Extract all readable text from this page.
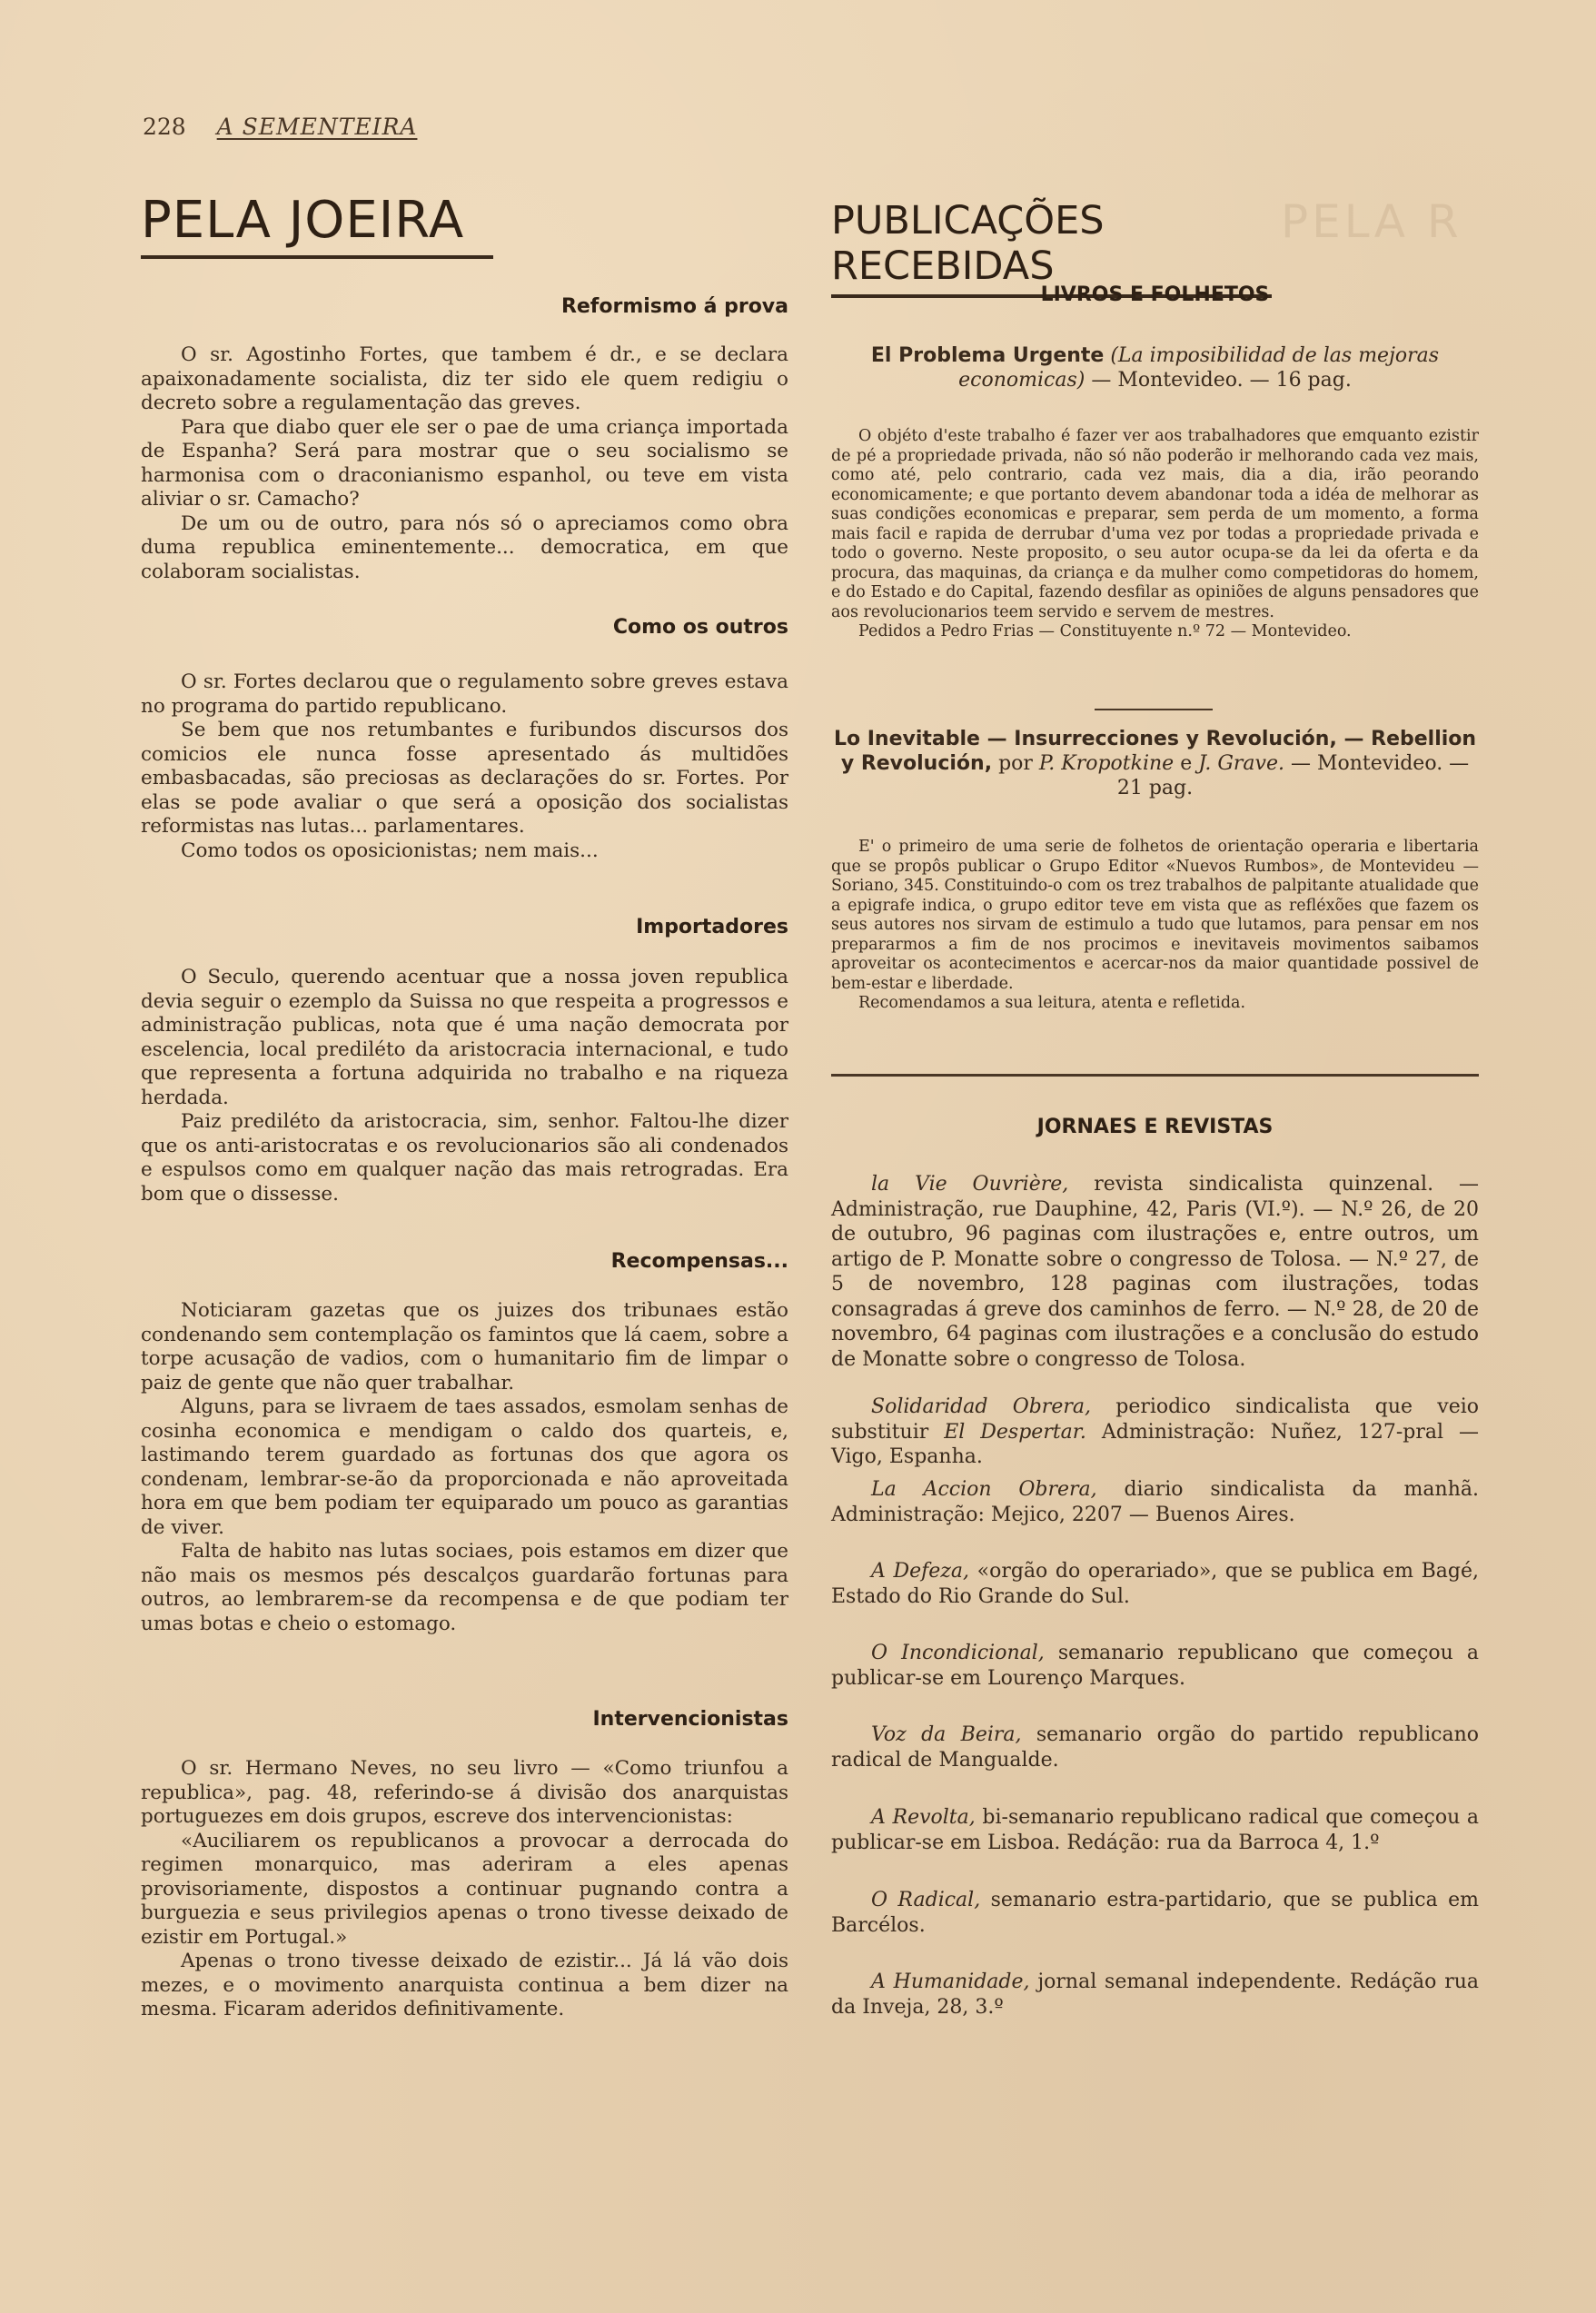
PELA R
228 A SEMENTEIRA
PELA JOEIRA
Reformismo á prova

O sr. Agostinho Fortes, que tambem é dr., e se declara apaixonadamente socialista, diz ter sido ele quem redigiu o decreto sobre a regulamentação das greves.

Para que diabo quer ele ser o pae de uma criança importada de Espanha? Será para mostrar que o seu socialismo se harmonisa com o draconianismo espanhol, ou teve em vista aliviar o sr. Camacho?

De um ou de outro, para nós só o apreciamos como obra duma republica eminentemente... democratica, em que colaboram socialistas.

Como os outros

O sr. Fortes declarou que o regulamento sobre greves estava no programa do partido republicano.

Se bem que nos retumbantes e furibundos discursos dos comicios ele nunca fosse apresentado ás multidões embasbacadas, são preciosas as declarações do sr. Fortes. Por elas se pode avaliar o que será a oposição dos socialistas reformistas nas lutas... parlamentares.

Como todos os oposicionistas; nem mais...

Importadores

O Seculo, querendo acentuar que a nossa joven republica devia seguir o ezemplo da Suissa no que respeita a progressos e administração publicas, nota que é uma nação democrata por escelencia, local prediléto da aristocracia internacional, e tudo que representa a fortuna adquirida no trabalho e na riqueza herdada.

Paiz prediléto da aristocracia, sim, senhor. Faltou-lhe dizer que os anti-aristocratas e os revolucionarios são ali condenados e espulsos como em qualquer nação das mais retrogradas. Era bom que o dissesse.

Recompensas...

Noticiaram gazetas que os juizes dos tribunaes estão condenando sem contemplação os famintos que lá caem, sobre a torpe acusação de vadios, com o humanitario fim de limpar o paiz de gente que não quer trabalhar.

Alguns, para se livraem de taes assados, esmolam senhas de cosinha economica e mendigam o caldo dos quarteis, e, lastimando terem guardado as fortunas dos que agora os condenam, lembrar-se-ão da proporcionada e não aproveitada hora em que bem podiam ter equiparado um pouco as garantias de viver.

Falta de habito nas lutas sociaes, pois estamos em dizer que não mais os mesmos pés descalços guardarão fortunas para outros, ao lembrarem-se da recompensa e de que podiam ter umas botas e cheio o estomago.

Intervencionistas

O sr. Hermano Neves, no seu livro — «Como triunfou a republica», pag. 48, referindo-se á divisão dos anarquistas portuguezes em dois grupos, escreve dos intervencionistas:

«Auciliarem os republicanos a provocar a derrocada do regimen monarquico, mas aderiram a eles apenas provisoriamente, dispostos a continuar pugnando contra a burguezia e seus privilegios apenas o trono tivesse deixado de ezistir em Portugal.»

Apenas o trono tivesse deixado de ezistir... Já lá vão dois mezes, e o movimento anarquista continua a bem dizer na mesma. Ficaram aderidos definitivamente.

PUBLICAÇÕES RECEBIDAS
LIVROS E FOLHETOS
El Problema Urgente (La imposibilidad de las mejoras economicas) — Montevideo. — 16 pag.

O objéto d'este trabalho é fazer ver aos trabalhadores que emquanto ezistir de pé a propriedade privada, não só não poderão ir melhorando cada vez mais, como até, pelo contrario, cada vez mais, dia a dia, irão peorando economicamente; e que portanto devem abandonar toda a idéa de melhorar as suas condições economicas e preparar, sem perda de um momento, a forma mais facil e rapida de derrubar d'uma vez por todas a propriedade privada e todo o governo. Neste proposito, o seu autor ocupa-se da lei da oferta e da procura, das maquinas, da criança e da mulher como competidoras do homem, e do Estado e do Capital, fazendo desfilar as opiniões de alguns pensadores que aos revolucionarios teem servido e servem de mestres.

Pedidos a Pedro Frias — Constituyente n.º 72 — Montevideo.

Lo Inevitable — Insurrecciones y Revolución, — Rebellion y Revolución, por P. Kropotkine e J. Grave. — Montevideo. — 21 pag.

E' o primeiro de uma serie de folhetos de orientação operaria e libertaria que se propôs publicar o Grupo Editor «Nuevos Rumbos», de Montevideu — Soriano, 345. Constituindo-o com os trez trabalhos de palpitante atualidade que a epigrafe indica, o grupo editor teve em vista que as refléxões que fazem os seus autores nos sirvam de estimulo a tudo que lutamos, para pensar em nos prepararmos a fim de nos procimos e inevitaveis movimentos saibamos aproveitar os acontecimentos e acercar-nos da maior quantidade possivel de bem-estar e liberdade.

Recomendamos a sua leitura, atenta e refletida.

JORNAES E REVISTAS

la Vie Ouvrière, revista sindicalista quinzenal. — Administração, rue Dauphine, 42, Paris (VI.º). — N.º 26, de 20 de outubro, 96 paginas com ilustrações e, entre outros, um artigo de P. Monatte sobre o congresso de Tolosa. — N.º 27, de 5 de novembro, 128 paginas com ilustrações, todas consagradas á greve dos caminhos de ferro. — N.º 28, de 20 de novembro, 64 paginas com ilustrações e a conclusão do estudo de Monatte sobre o congresso de Tolosa.

Solidaridad Obrera, periodico sindicalista que veio substituir El Despertar. Administração: Nuñez, 127-pral — Vigo, Espanha.

La Accion Obrera, diario sindicalista da manhã. Administração: Mejico, 2207 — Buenos Aires.

A Defeza, «orgão do operariado», que se publica em Bagé, Estado do Rio Grande do Sul.

O Incondicional, semanario republicano que começou a publicar-se em Lourenço Marques.

Voz da Beira, semanario orgão do partido republicano radical de Mangualde.

A Revolta, bi-semanario republicano radical que começou a publicar-se em Lisboa. Redáção: rua da Barroca 4, 1.º

O Radical, semanario estra-partidario, que se publica em Barcélos.

A Humanidade, jornal semanal independente. Redáção rua da Inveja, 28, 3.º
